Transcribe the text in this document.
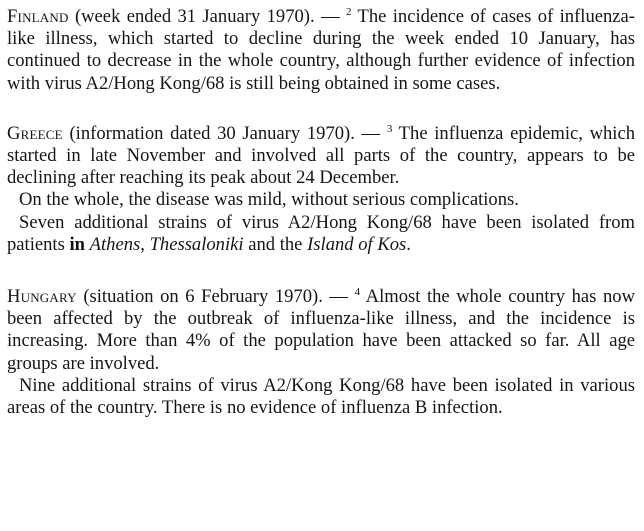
Finland (week ended 31 January 1970). — $^2$ The incidence of cases of influenza-like illness, which started to decline during the week ended 10 January, has continued to decrease in the whole country, although further evidence of infection with virus A2/Hong Kong/68 is still being obtained in some cases.

Greece (information dated 30 January 1970). — $^3$ The influenza epidemic, which started in late November and involved all parts of the country, appears to be declining after reaching its peak about 24 December.

On the whole, the disease was mild, without serious complications.

Seven additional strains of virus A2/Hong Kong/68 have been isolated from patients in Athens, Thessaloniki and the Island of Kos.

Hungary (situation on 6 February 1970). — $^4$ Almost the whole country has now been affected by the outbreak of influenza-like illness, and the incidence is increasing. More than 4% of the population have been attacked so far. All age groups are involved.

Nine additional strains of virus A2/Kong Kong/68 have been isolated in various areas of the country. There is no evidence of influenza B infection.
